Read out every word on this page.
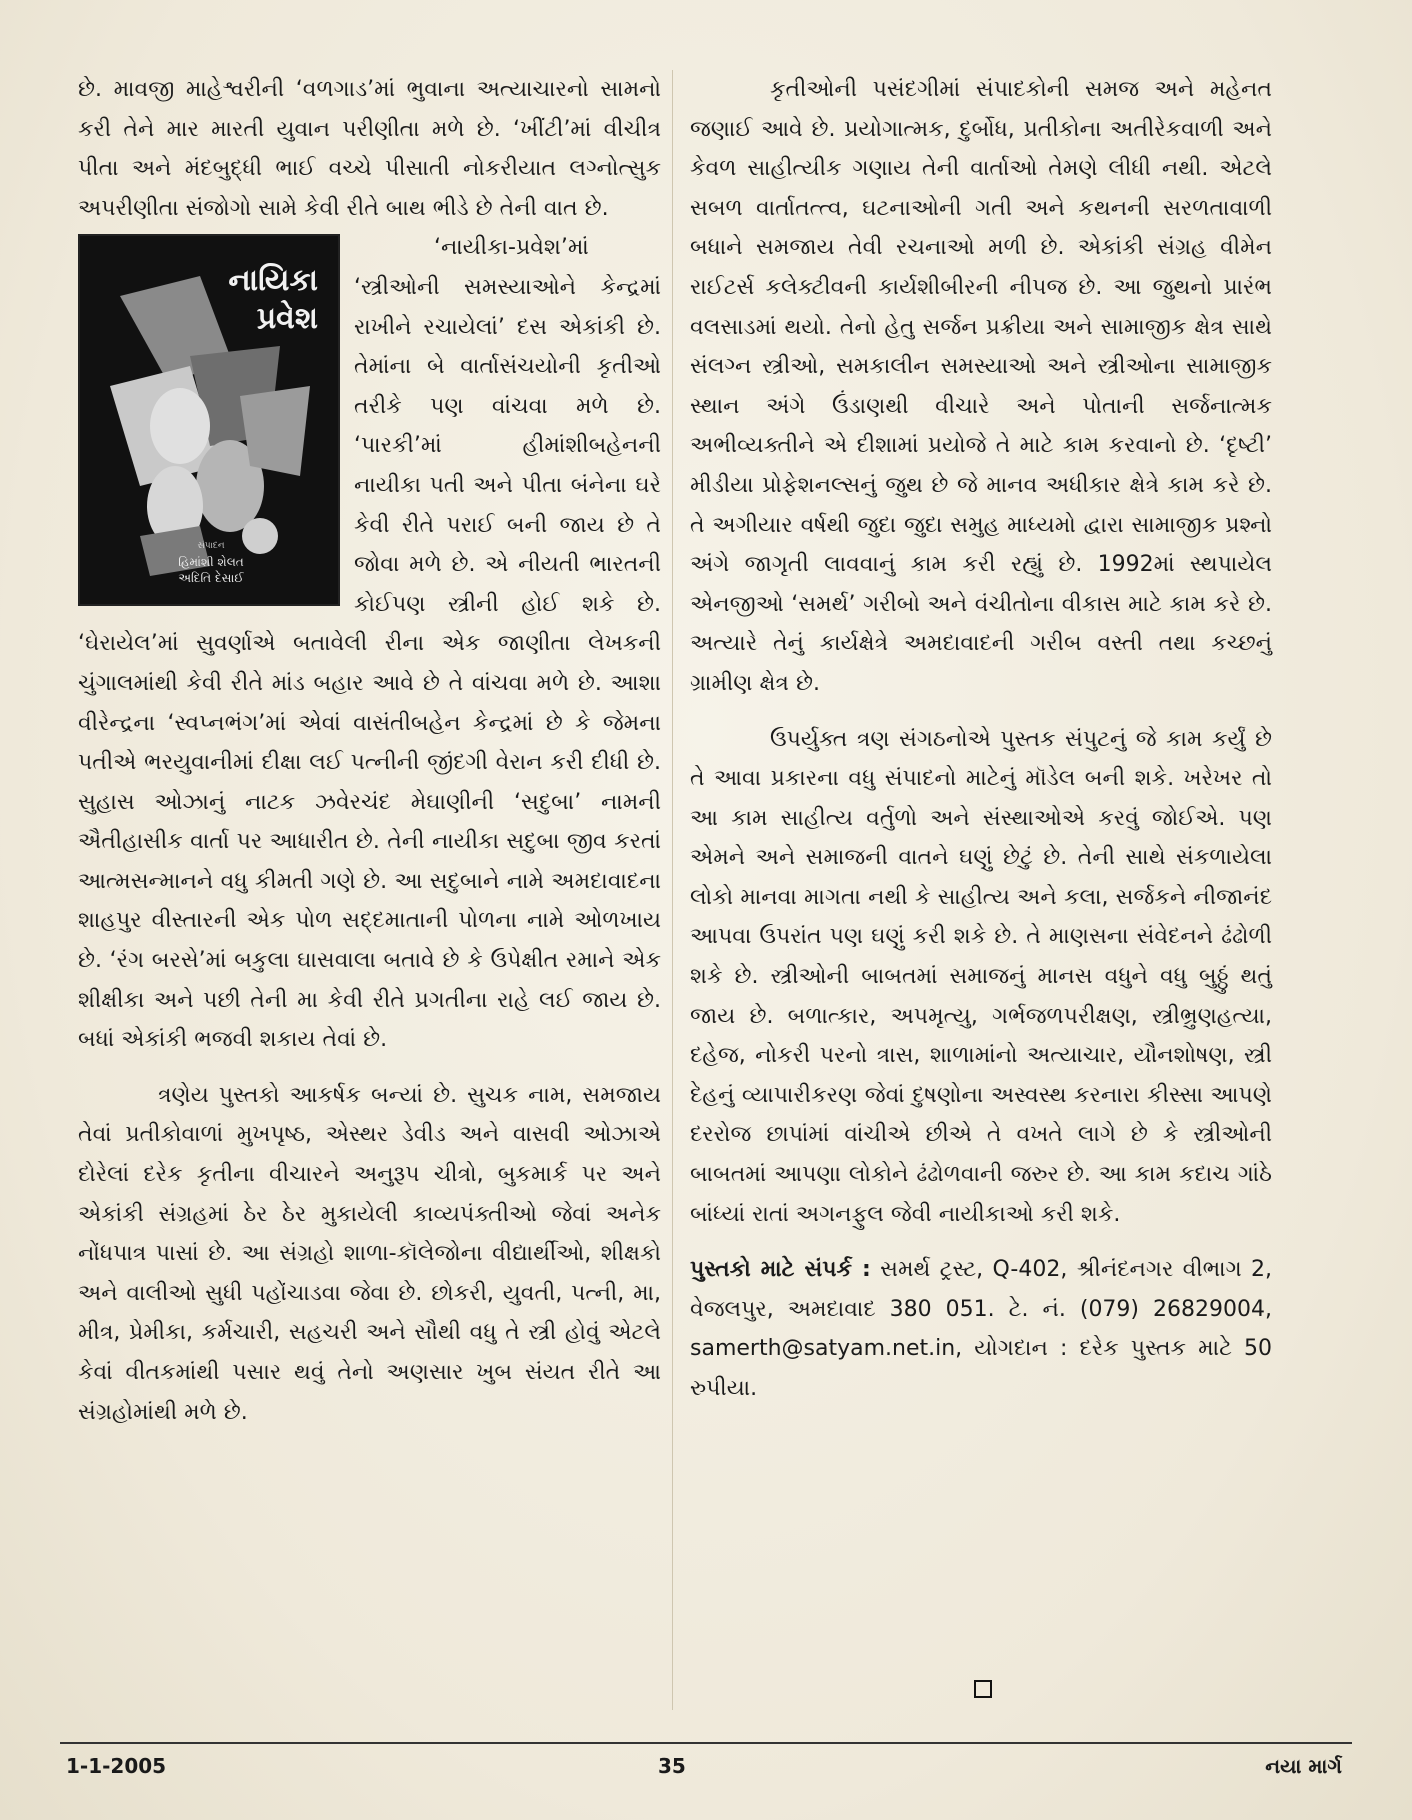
છે. માવજી માહેશ્વરીની ‘વળગાડ’માં ભુવાના અત્યાચારનો સામનો કરી તેને માર મારતી યુવાન પરીણીતા મળે છે. ‘ખીંટી’માં વીચીત્ર પીતા અને મંદબુદ્ધી ભાઈ વચ્ચે પીસાતી નોકરીયાત લગ્નોત્સુક અપરીણીતા સંજોગો સામે કેવી રીતે બાથ ભીડે છે તેની વાત છે.

નાયિકા
પ્રવેશ
સંપાદન
હિમાંશી શેલત
અદિતિ દેસાઈ

‘નાયીકા-પ્રવેશ’માં ‘સ્ત્રીઓની સમસ્યાઓને કેન્દ્રમાં રાખીને રચાયેલાં’ દસ એકાંકી છે. તેમાંના બે વાર્તાસંચયોની કૃતીઓ તરીકે પણ વાંચવા મળે છે. ‘પારકી’માં હીમાંશીબહેનની નાયીકા પતી અને પીતા બંનેના ઘરે કેવી રીતે પરાઈ બની જાય છે તે જોવા મળે છે. એ નીયતી ભારતની કોઈપણ સ્ત્રીની હોઈ શકે છે. ‘ઘેરાયેલ’માં સુવર્ણાએ બતાવેલી રીના એક જાણીતા લેખકની ચુંગાલમાંથી કેવી રીતે માંડ બહાર આવે છે તે વાંચવા મળે છે. આશા વીરેન્દ્રના ‘સ્વપ્નભંગ’માં એવાં વાસંતીબહેન કેન્દ્રમાં છે કે જેમના પતીએ ભરયુવાનીમાં દીક્ષા લઈ પત્નીની જીંદગી વેરાન કરી દીધી છે. સુહાસ ઓઝાનું નાટક ઝવેરચંદ મેઘાણીની ‘સદુબા’ નામની ઐતીહાસીક વાર્તા પર આધારીત છે. તેની નાયીકા સદુબા જીવ કરતાં આત્મસન્માનને વધુ કીમતી ગણે છે. આ સદુબાને નામે અમદાવાદના શાહપુર વીસ્તારની એક પોળ સદ્દમાતાની પોળના નામે ઓળખાય છે. ‘રંગ બરસે’માં બકુલા ઘાસવાલા બતાવે છે કે ઉપેક્ષીત રમાને એક શીક્ષીકા અને પછી તેની મા કેવી રીતે પ્રગતીના રાહે લઈ જાય છે. બધાં એકાંકી ભજવી શકાય તેવાં છે.

ત્રણેય પુસ્તકો આકર્ષક બન્યાં છે. સુચક નામ, સમજાય તેવાં પ્રતીકોવાળાં મુખપૃષ્ઠ, એસ્થર ડેવીડ અને વાસવી ઓઝાએ દોરેલાં દરેક કૃતીના વીચારને અનુરૂપ ચીત્રો, બુકમાર્ક પર અને એકાંકી સંગ્રહમાં ઠેર ઠેર મુકાયેલી કાવ્યપંક્તીઓ જેવાં અનેક નોંધપાત્ર પાસાં છે. આ સંગ્રહો શાળા-કૉલેજોના વીદ્યાર્થીઓ, શીક્ષકો અને વાલીઓ સુધી પહોંચાડવા જેવા છે. છોકરી, યુવતી, પત્ની, મા, મીત્ર, પ્રેમીકા, કર્મચારી, સહચરી અને સૌથી વધુ તે સ્ત્રી હોવું એટલે કેવાં વીતકમાંથી પસાર થવું તેનો અણસાર ખુબ સંયત રીતે આ સંગ્રહોમાંથી મળે છે.

કૃતીઓની પસંદગીમાં સંપાદકોની સમજ અને મહેનત જણાઈ આવે છે. પ્રયોગાત્મક, દુર્બોધ, પ્રતીકોના અતીરેકવાળી અને કેવળ સાહીત્યીક ગણાય તેની વાર્તાઓ તેમણે લીધી નથી. એટલે સબળ વાર્તાતત્ત્વ, ઘટનાઓની ગતી અને કથનની સરળતાવાળી બધાને સમજાય તેવી રચનાઓ મળી છે. એકાંકી સંગ્રહ વીમેન રાઈટર્સ કલેક્ટીવની કાર્યશીબીરની નીપજ છે. આ જુથનો પ્રારંભ વલસાડમાં થયો. તેનો હેતુ સર્જન પ્રક્રીયા અને સામાજીક ક્ષેત્ર સાથે સંલગ્ન સ્ત્રીઓ, સમકાલીન સમસ્યાઓ અને સ્ત્રીઓના સામાજીક સ્થાન અંગે ઉંડાણથી વીચારે અને પોતાની સર્જનાત્મક અભીવ્યક્તીને એ દીશામાં પ્રયોજે તે માટે કામ કરવાનો છે. ‘દૃષ્ટી’ મીડીયા પ્રોફેશનલ્સનું જુથ છે જે માનવ અધીકાર ક્ષેત્રે કામ કરે છે. તે અગીયાર વર્ષથી જુદા જુદા સમુહ માધ્યમો દ્વારા સામાજીક પ્રશ્નો અંગે જાગૃતી લાવવાનું કામ કરી રહ્યું છે. 1992માં સ્થપાયેલ એનજીઓ ‘સમર્થ’ ગરીબો અને વંચીતોના વીકાસ માટે કામ કરે છે. અત્યારે તેનું કાર્યક્ષેત્રે અમદાવાદની ગરીબ વસ્તી તથા કચ્છનું ગ્રામીણ ક્ષેત્ર છે.

ઉપર્યુક્ત ત્રણ સંગઠનોએ પુસ્તક સંપુટનું જે કામ કર્યું છે તે આવા પ્રકારના વધુ સંપાદનો માટેનું મૉડેલ બની શકે. ખરેખર તો આ કામ સાહીત્ય વર્તુળો અને સંસ્થાઓએ કરવું જોઈએ. પણ એમને અને સમાજની વાતને ઘણું છેટું છે. તેની સાથે સંકળાયેલા લોકો માનવા માગતા નથી કે સાહીત્ય અને કલા, સર્જકને નીજાનંદ આપવા ઉપરાંત પણ ઘણું કરી શકે છે. તે માણસના સંવેદનને ઢંઢોળી શકે છે. સ્ત્રીઓની બાબતમાં સમાજનું માનસ વધુને વધુ બુઠ્ઠું થતું જાય છે. બળાત્કાર, અપમૃત્યુ, ગર્ભજળપરીક્ષણ, સ્ત્રીભ્રુણહત્યા, દહેજ, નોકરી પરનો ત્રાસ, શાળામાંનો અત્યાચાર, યૌનશોષણ, સ્ત્રી દેહનું વ્યાપારીકરણ જેવાં દુષણોના અસ્વસ્થ કરનારા કીસ્સા આપણે દરરોજ છાપાંમાં વાંચીએ છીએ તે વખતે લાગે છે કે સ્ત્રીઓની બાબતમાં આપણા લોકોને ઢંઢોળવાની જરુર છે. આ કામ કદાચ ગાંઠે બાંધ્યાં રાતાં અગનફુલ જેવી નાયીકાઓ કરી શકે.

પુસ્તકો માટે સંપર્ક : સમર્થ ટ્રસ્ટ, Q-402, શ્રીનંદનગર વીભાગ 2, વેજલપુર, અમદાવાદ 380 051. ટે. નં. (079) 26829004, samerth@satyam.net.in, યોગદાન : દરેક પુસ્તક માટે 50 રુપીયા.

1-1-2005	35	નયા માર્ગ
